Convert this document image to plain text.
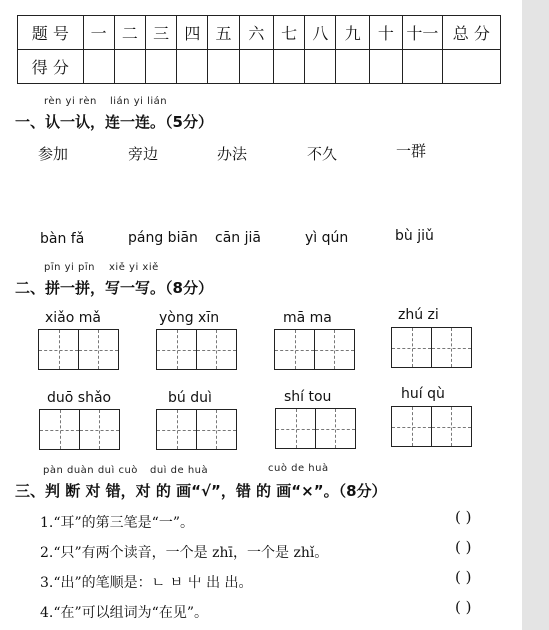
题 号	一	二	三	四	五	六	七	八	九	十	十一	总 分
得 分												
rèn yi rèn lián yi lián
一、认一认，连一连。（5分）
参加	旁边	办法	不久	一群
bàn fǎ	páng biān cān jiā	yì qún	bù jiǔ
pīn yi pīn xiě yi xiě
二、拼一拼，写一写。（8分）
xiǎo mǎ	yòng xīn	mā ma	zhú zi
duō shǎo	bú duì	shí tou	huí qù
pàn duàn duì cuò duì de huà	cuò de huà
三、判 断 对 错，对 的 画“√”，错 的 画“×”。（8分）
1.“耳”的第三笔是“一”。	( )
2.“只”有两个读音，一个是 zhī，一个是 zhǐ。	( )
3.“出”的笔顺是：ㄴ ㅂ 屮 出 出。	( )
4.“在”可以组词为“在见”。	( )
